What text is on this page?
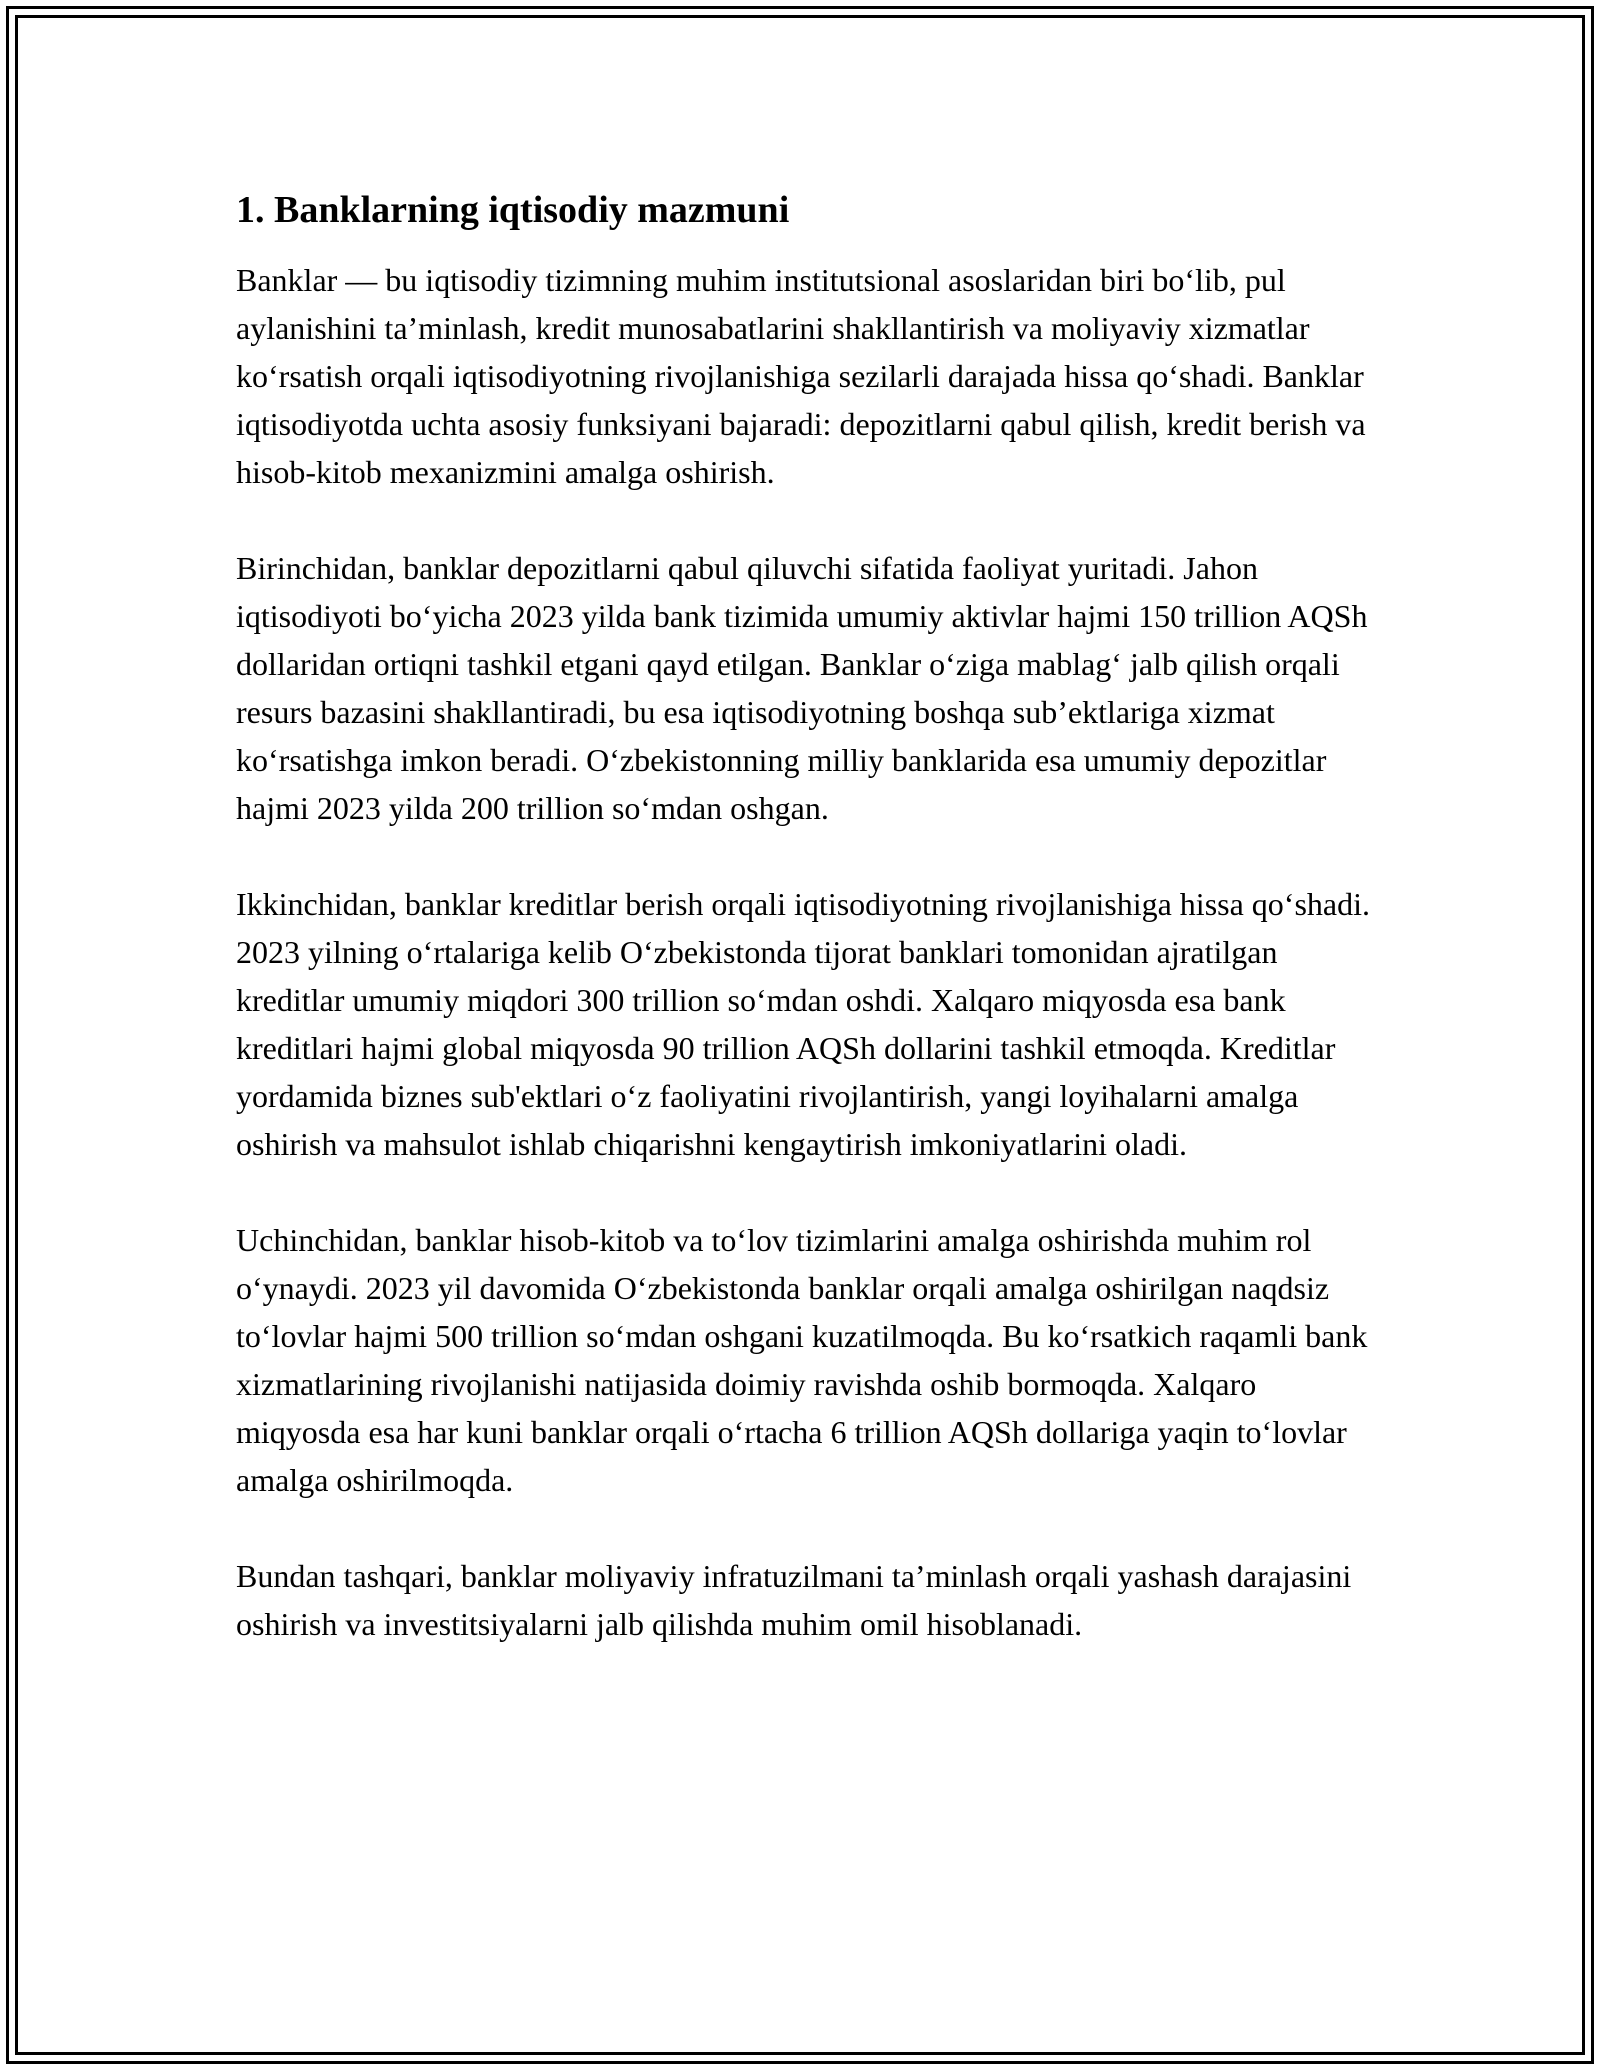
1. Banklarning iqtisodiy mazmuni

Banklar — bu iqtisodiy tizimning muhim institutsional asoslaridan biri bo‘lib, pul aylanishini ta’minlash, kredit munosabatlarini shakllantirish va moliyaviy xizmatlar ko‘rsatish orqali iqtisodiyotning rivojlanishiga sezilarli darajada hissa qo‘shadi. Banklar iqtisodiyotda uchta asosiy funksiyani bajaradi: depozitlarni qabul qilish, kredit berish va hisob-kitob mexanizmini amalga oshirish.

Birinchidan, banklar depozitlarni qabul qiluvchi sifatida faoliyat yuritadi. Jahon iqtisodiyoti bo‘yicha 2023 yilda bank tizimida umumiy aktivlar hajmi 150 trillion AQSh dollaridan ortiqni tashkil etgani qayd etilgan. Banklar o‘ziga mablag‘ jalb qilish orqali resurs bazasini shakllantiradi, bu esa iqtisodiyotning boshqa sub’ektlariga xizmat ko‘rsatishga imkon beradi. O‘zbekistonning milliy banklarida esa umumiy depozitlar hajmi 2023 yilda 200 trillion so‘mdan oshgan.

Ikkinchidan, banklar kreditlar berish orqali iqtisodiyotning rivojlanishiga hissa qo‘shadi. 2023 yilning o‘rtalariga kelib O‘zbekistonda tijorat banklari tomonidan ajratilgan kreditlar umumiy miqdori 300 trillion so‘mdan oshdi. Xalqaro miqyosda esa bank kreditlari hajmi global miqyosda 90 trillion AQSh dollarini tashkil etmoqda. Kreditlar yordamida biznes sub'ektlari o‘z faoliyatini rivojlantirish, yangi loyihalarni amalga oshirish va mahsulot ishlab chiqarishni kengaytirish imkoniyatlarini oladi.

Uchinchidan, banklar hisob-kitob va to‘lov tizimlarini amalga oshirishda muhim rol o‘ynaydi. 2023 yil davomida O‘zbekistonda banklar orqali amalga oshirilgan naqdsiz to‘lovlar hajmi 500 trillion so‘mdan oshgani kuzatilmoqda. Bu ko‘rsatkich raqamli bank xizmatlarining rivojlanishi natijasida doimiy ravishda oshib bormoqda. Xalqaro miqyosda esa har kuni banklar orqali o‘rtacha 6 trillion AQSh dollariga yaqin to‘lovlar amalga oshirilmoqda.

Bundan tashqari, banklar moliyaviy infratuzilmani ta’minlash orqali yashash darajasini oshirish va investitsiyalarni jalb qilishda muhim omil hisoblanadi.
